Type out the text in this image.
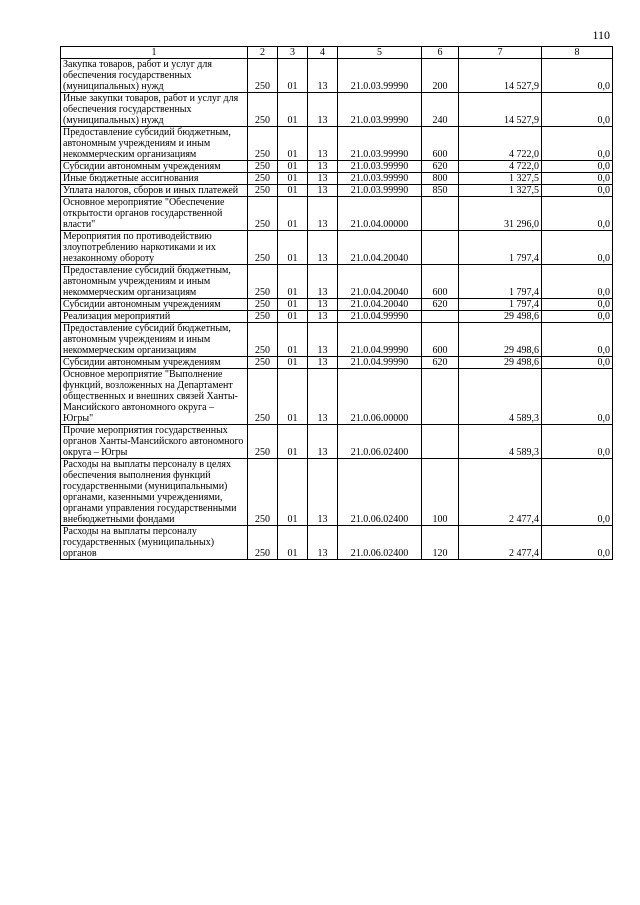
110
1	2	3	4	5	6	7	8
Закупка товаров, работ и услуг для обеспечения государственных (муниципальных) нужд	250	01	13	21.0.03.99990	200	14 527,9	0,0
Иные закупки товаров, работ и услуг для обеспечения государственных (муниципальных) нужд	250	01	13	21.0.03.99990	240	14 527,9	0,0
Предоставление субсидий бюджетным, автономным учреждениям и иным некоммерческим организациям	250	01	13	21.0.03.99990	600	4 722,0	0,0
Субсидии автономным учреждениям	250	01	13	21.0.03.99990	620	4 722,0	0,0
Иные бюджетные ассигнования	250	01	13	21.0.03.99990	800	1 327,5	0,0
Уплата налогов, сборов и иных платежей	250	01	13	21.0.03.99990	850	1 327,5	0,0
Основное мероприятие "Обеспечение открытости органов государственной власти"	250	01	13	21.0.04.00000		31 296,0	0,0
Мероприятия по противодействию злоупотреблению наркотиками и их незаконному обороту	250	01	13	21.0.04.20040		1 797,4	0,0
Предоставление субсидий бюджетным, автономным учреждениям и иным некоммерческим организациям	250	01	13	21.0.04.20040	600	1 797,4	0,0
Субсидии автономным учреждениям	250	01	13	21.0.04.20040	620	1 797,4	0,0
Реализация мероприятий	250	01	13	21.0.04.99990		29 498,6	0,0
Предоставление субсидий бюджетным, автономным учреждениям и иным некоммерческим организациям	250	01	13	21.0.04.99990	600	29 498,6	0,0
Субсидии автономным учреждениям	250	01	13	21.0.04.99990	620	29 498,6	0,0
Основное мероприятие "Выполнение функций, возложенных на Департамент общественных и внешних связей Ханты-Мансийского автономного округа – Югры"	250	01	13	21.0.06.00000		4 589,3	0,0
Прочие мероприятия государственных органов Ханты-Мансийского автономного округа – Югры	250	01	13	21.0.06.02400		4 589,3	0,0
Расходы на выплаты персоналу в целях обеспечения выполнения функций государственными (муниципальными) органами, казенными учреждениями, органами управления государственными внебюджетными фондами	250	01	13	21.0.06.02400	100	2 477,4	0,0
Расходы на выплаты персоналу государственных (муниципальных) органов	250	01	13	21.0.06.02400	120	2 477,4	0,0
